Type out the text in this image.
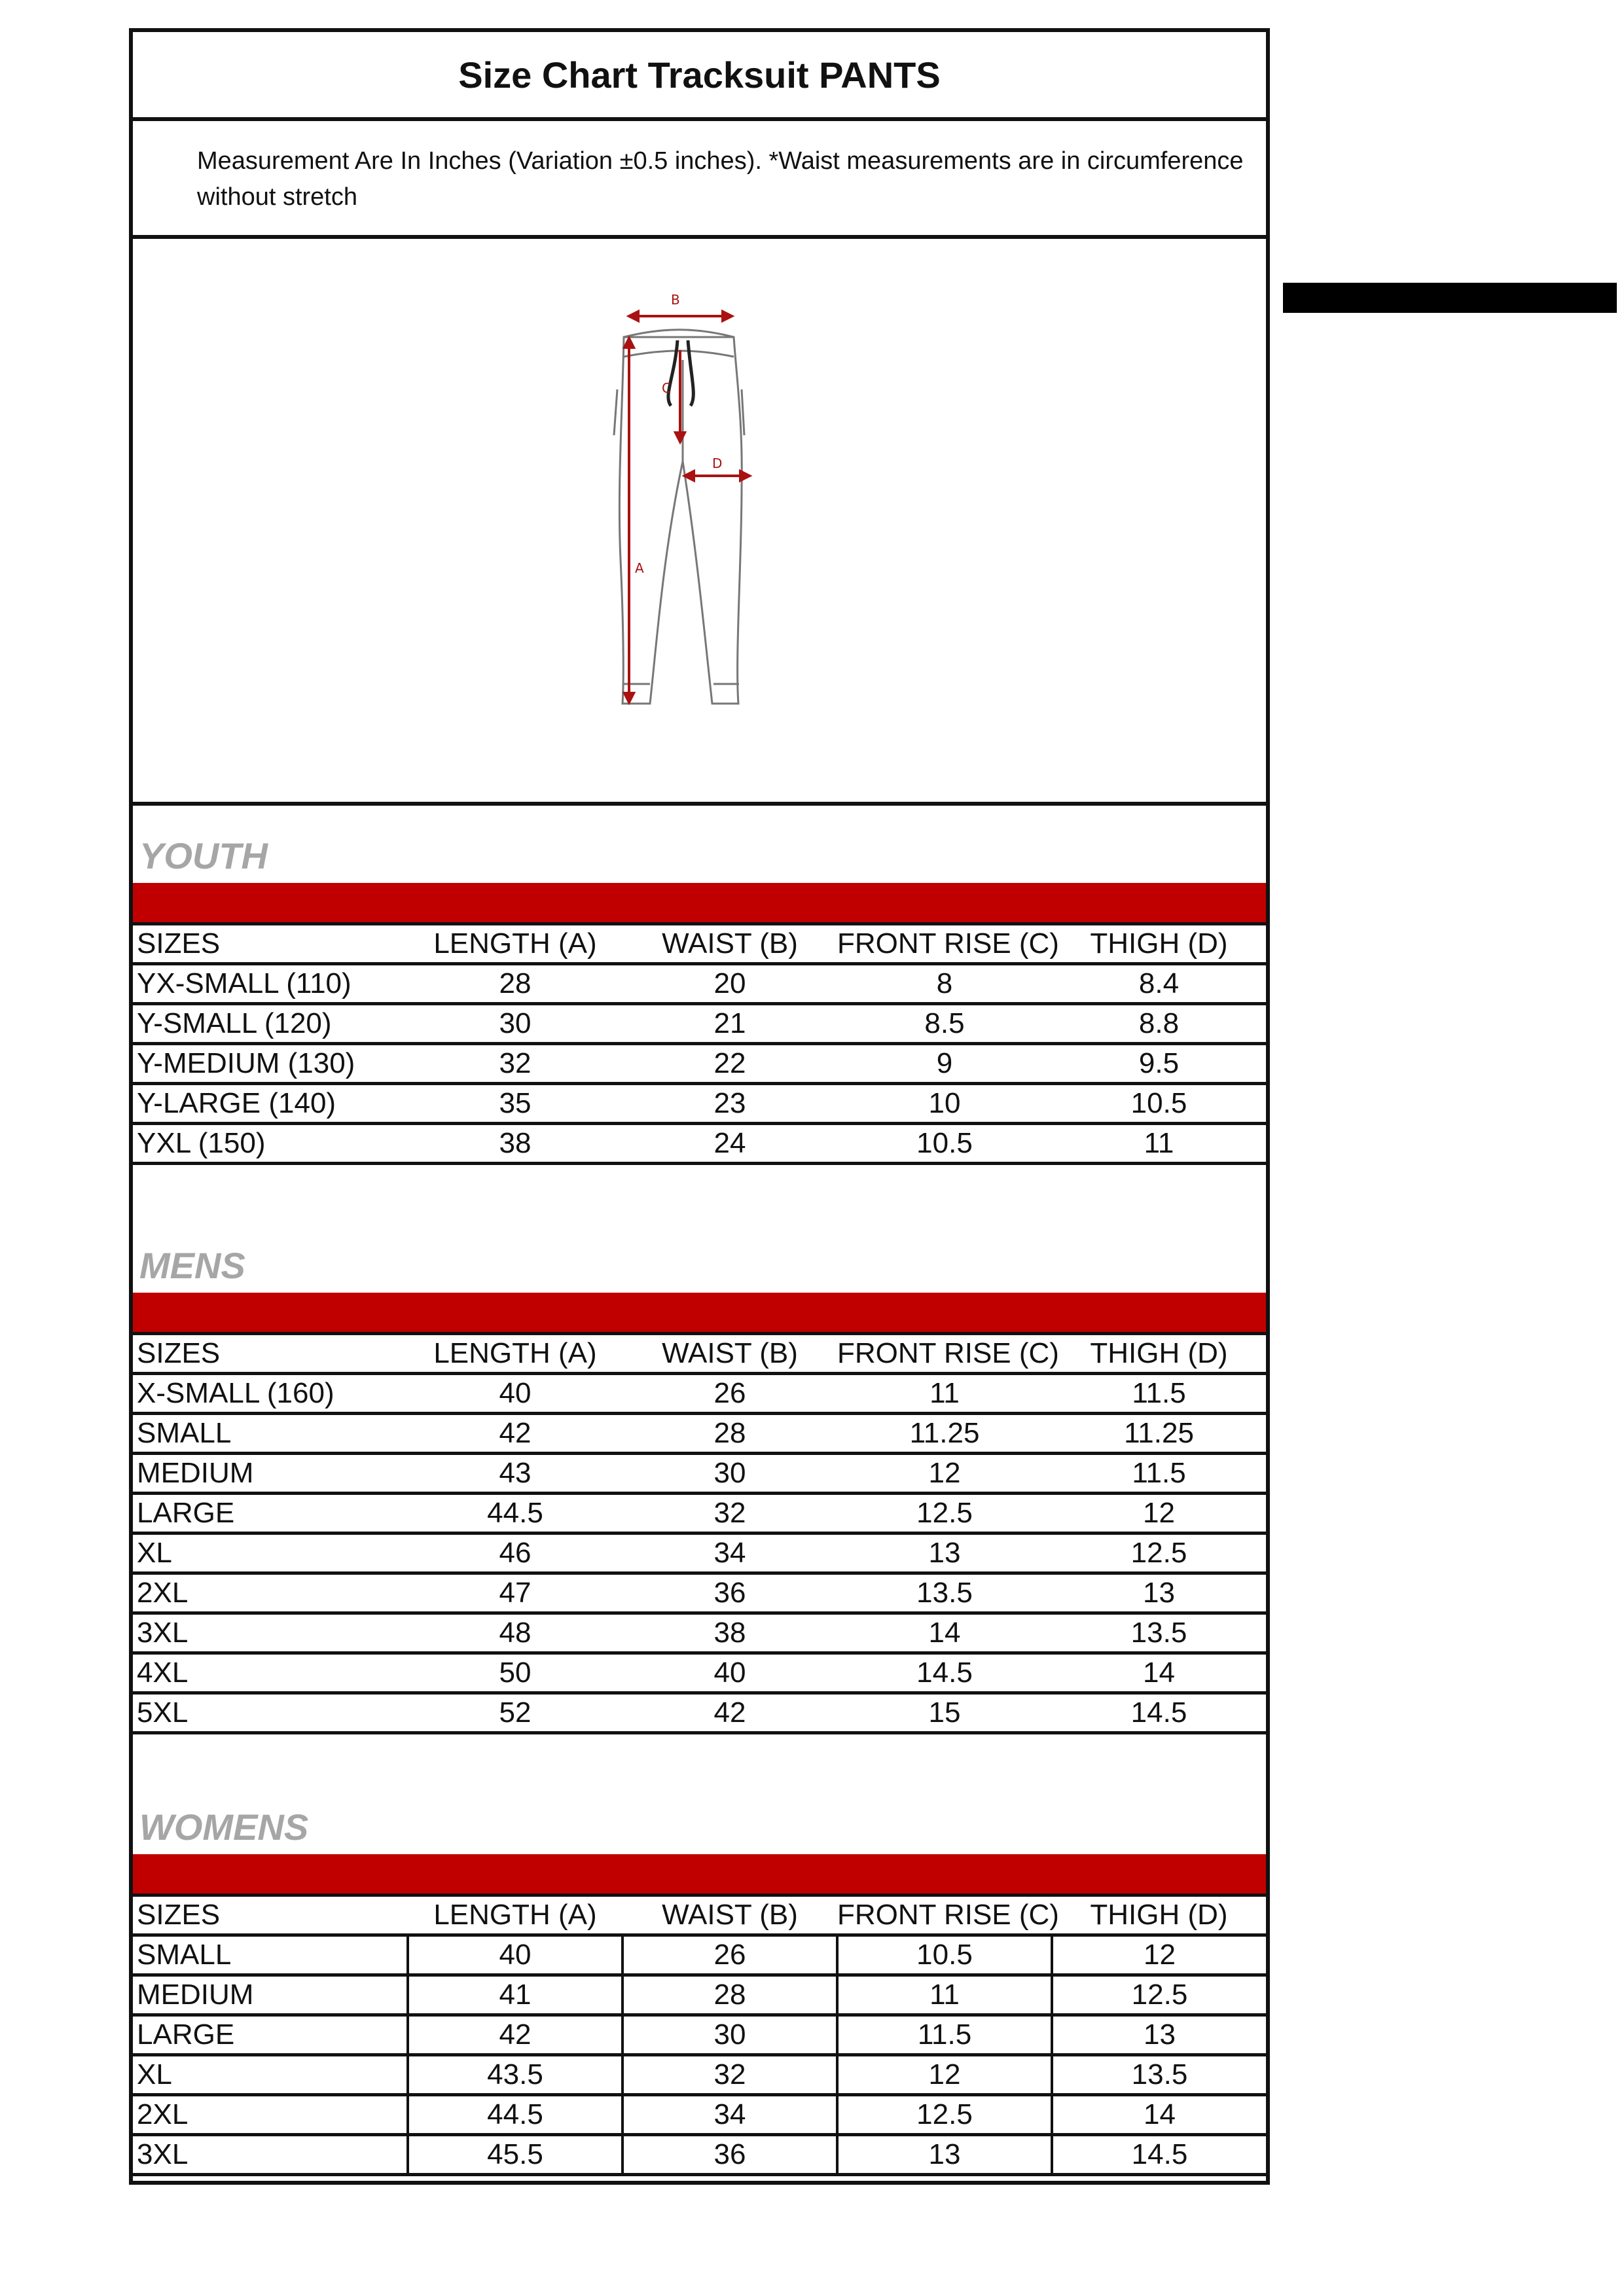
Size Chart Tracksuit PANTS
Measurement Are In Inches (Variation ±0.5 inches). *Waist measurements are in circumference without stretch
B
C
D
A
YOUTH
SIZES	LENGTH (A)	WAIST (B)	FRONT RISE (C)	THIGH (D)
YX-SMALL (110)	28	20	8	8.4
Y-SMALL (120)	30	21	8.5	8.8
Y-MEDIUM (130)	32	22	9	9.5
Y-LARGE (140)	35	23	10	10.5
YXL (150)	38	24	10.5	11
MENS
SIZES	LENGTH (A)	WAIST (B)	FRONT RISE (C)	THIGH (D)
X-SMALL (160)	40	26	11	11.5
SMALL	42	28	11.25	11.25
MEDIUM	43	30	12	11.5
LARGE	44.5	32	12.5	12
XL	46	34	13	12.5
2XL	47	36	13.5	13
3XL	48	38	14	13.5
4XL	50	40	14.5	14
5XL	52	42	15	14.5
WOMENS
SIZES	LENGTH (A)	WAIST (B)	FRONT RISE (C)	THIGH (D)
SMALL	40	26	10.5	12
MEDIUM	41	28	11	12.5
LARGE	42	30	11.5	13
XL	43.5	32	12	13.5
2XL	44.5	34	12.5	14
3XL	45.5	36	13	14.5
